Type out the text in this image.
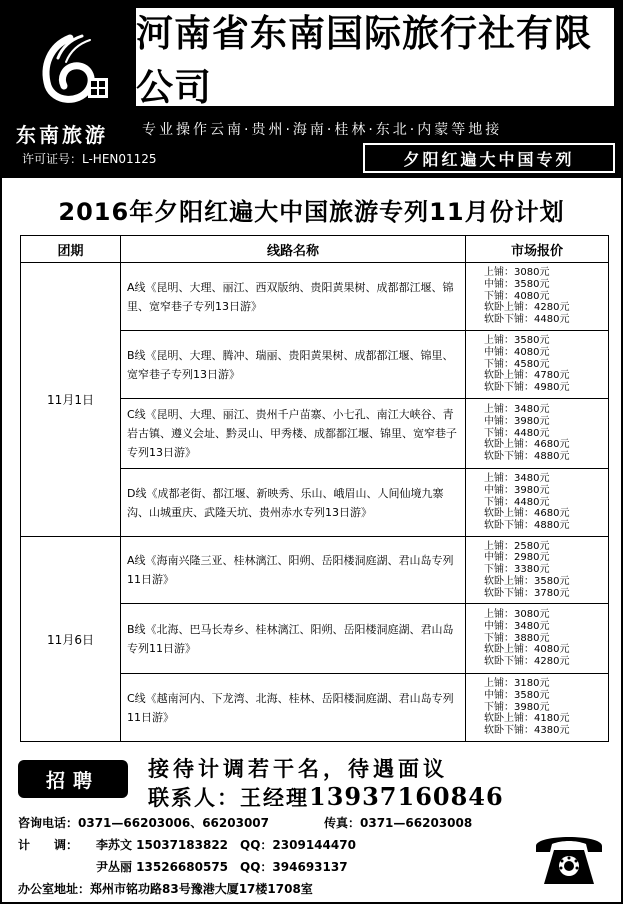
东南旅游
许可证号：L-HEN01125
河南省东南国际旅行社有限公司
专业操作云南·贵州·海南·桂林·东北·内蒙等地接
夕阳红遍大中国专列
2016年夕阳红遍大中国旅游专列11月份计划
团期	线路名称	市场报价
11月1日	A线《昆明、大理、丽江、西双版纳、贵阳黄果树、成都都江堰、锦里、宽窄巷子专列13日游》	上铺：3080元
中铺：3580元
下铺：4080元
软卧上铺：4280元
软卧下铺：4480元

	B线《昆明、大理、腾冲、瑞丽、贵阳黄果树、成都都江堰、锦里、宽窄巷子专列13日游》	上铺：3580元
中铺：4080元
下铺：4580元
软卧上铺：4780元
软卧下铺：4980元

	C线《昆明、大理、丽江、贵州千户苗寨、小七孔、南江大峡谷、青岩古镇、遵义会址、黔灵山、甲秀楼、成都都江堰、锦里、宽窄巷子专列13日游》	上铺：3480元
中铺：3980元
下铺：4480元
软卧上铺：4680元
软卧下铺：4880元

	D线《成都老街、都江堰、新映秀、乐山、峨眉山、人间仙境九寨沟、山城重庆、武隆天坑、贵州赤水专列13日游》	上铺：3480元
中铺：3980元
下铺：4480元
软卧上铺：4680元
软卧下铺：4880元

11月6日	A线《海南兴隆三亚、桂林漓江、阳朔、岳阳楼洞庭湖、君山岛专列11日游》	上铺：2580元
中铺：2980元
下铺：3380元
软卧上铺：3580元
软卧下铺：3780元

	B线《北海、巴马长寿乡、桂林漓江、阳朔、岳阳楼洞庭湖、君山岛专列11日游》	上铺：3080元
中铺：3480元
下铺：3880元
软卧上铺：4080元
软卧下铺：4280元

	C线《越南河内、下龙湾、北海、桂林、岳阳楼洞庭湖、君山岛专列11日游》	上铺：3180元
中铺：3580元
下铺：3980元
软卧上铺：4180元
软卧下铺：4380元
招聘	接待计调若干名，待遇面议
联系人：王经理13937160846
咨询电话：0371—66203006、66203007	传真：0371—66203008
计　　调： 李苏文 15037183822　QQ：2309144470
尹丛丽 13526680575　QQ：394693137
办公室地址：郑州市铭功路83号豫港大厦17楼1708室
